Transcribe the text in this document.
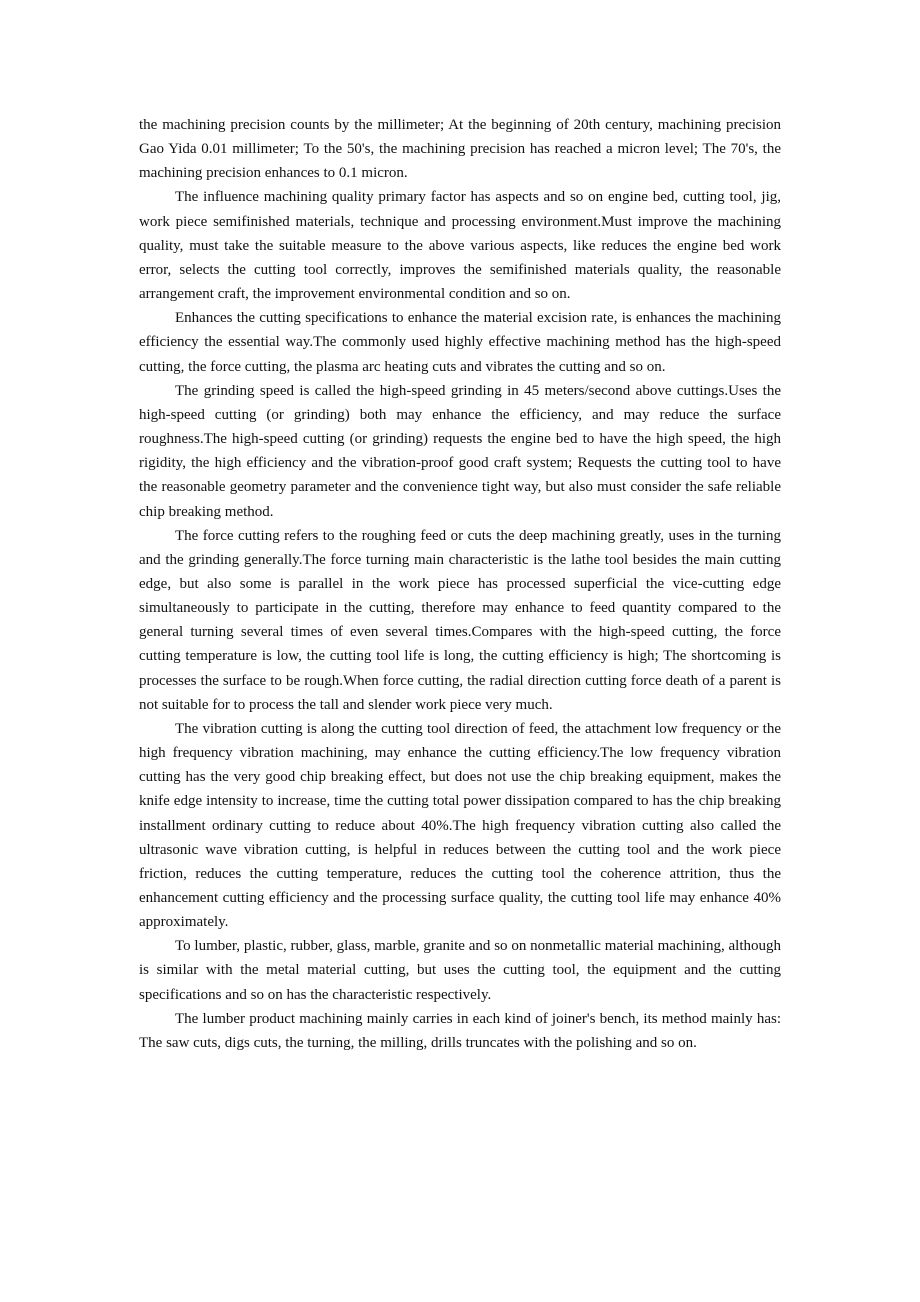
the machining precision counts by the millimeter; At the beginning of 20th century, machining precision Gao Yida 0.01 millimeter; To the 50's, the machining precision has reached a micron level; The 70's, the machining precision enhances to 0.1 micron.

The influence machining quality primary factor has aspects and so on engine bed, cutting tool, jig, work piece semifinished materials, technique and processing environment.Must improve the machining quality, must take the suitable measure to the above various aspects, like reduces the engine bed work error, selects the cutting tool correctly, improves the semifinished materials quality, the reasonable arrangement craft, the improvement environmental condition and so on.

Enhances the cutting specifications to enhance the material excision rate, is enhances the machining efficiency the essential way.The commonly used highly effective machining method has the high-speed cutting, the force cutting, the plasma arc heating cuts and vibrates the cutting and so on.

The grinding speed is called the high-speed grinding in 45 meters/second above cuttings.Uses the high-speed cutting (or grinding) both may enhance the efficiency, and may reduce the surface roughness.The high-speed cutting (or grinding) requests the engine bed to have the high speed, the high rigidity, the high efficiency and the vibration-proof good craft system; Requests the cutting tool to have the reasonable geometry parameter and the convenience tight way, but also must consider the safe reliable chip breaking method.

The force cutting refers to the roughing feed or cuts the deep machining greatly, uses in the turning and the grinding generally.The force turning main characteristic is the lathe tool besides the main cutting edge, but also some is parallel in the work piece has processed superficial the vice-cutting edge simultaneously to participate in the cutting, therefore may enhance to feed quantity compared to the general turning several times of even several times.Compares with the high-speed cutting, the force cutting temperature is low, the cutting tool life is long, the cutting efficiency is high; The shortcoming is processes the surface to be rough.When force cutting, the radial direction cutting force death of a parent is not suitable for to process the tall and slender work piece very much.

The vibration cutting is along the cutting tool direction of feed, the attachment low frequency or the high frequency vibration machining, may enhance the cutting efficiency.The low frequency vibration cutting has the very good chip breaking effect, but does not use the chip breaking equipment, makes the knife edge intensity to increase, time the cutting total power dissipation compared to has the chip breaking installment ordinary cutting to reduce about 40%.The high frequency vibration cutting also called the ultrasonic wave vibration cutting, is helpful in reduces between the cutting tool and the work piece friction, reduces the cutting temperature, reduces the cutting tool the coherence attrition, thus the enhancement cutting efficiency and the processing surface quality, the cutting tool life may enhance 40% approximately.

To lumber, plastic, rubber, glass, marble, granite and so on nonmetallic material machining, although is similar with the metal material cutting, but uses the cutting tool, the equipment and the cutting specifications and so on has the characteristic respectively.

The lumber product machining mainly carries in each kind of joiner's bench, its method mainly has: The saw cuts, digs cuts, the turning, the milling, drills truncates with the polishing and so on.
